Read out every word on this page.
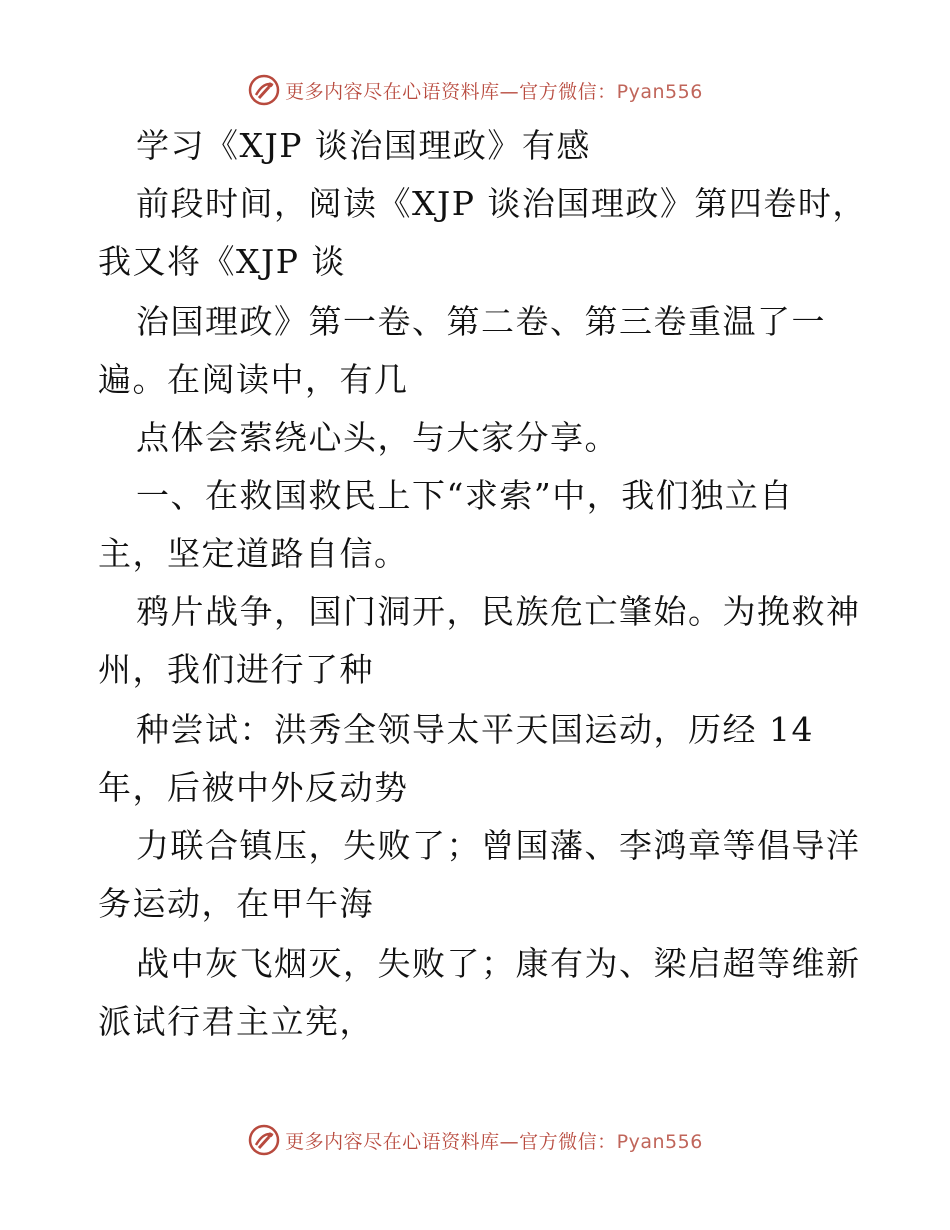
更多内容尽在心语资料库—官方微信：Pyan556
学习《XJP 谈治国理政》有感
前段时间，阅读《XJP 谈治国理政》第四卷时，
我又将《XJP 谈
治国理政》第一卷、第二卷、第三卷重温了一
遍。在阅读中，有几
点体会萦绕心头，与大家分享。
一、在救国救民上下“求索”中，我们独立自
主，坚定道路自信。
鸦片战争，国门洞开，民族危亡肇始。为挽救神
州，我们进行了种
种尝试：洪秀全领导太平天国运动，历经 14
年，后被中外反动势
力联合镇压，失败了；曾国藩、李鸿章等倡导洋
务运动，在甲午海
战中灰飞烟灭，失败了；康有为、梁启超等维新
派试行君主立宪，
更多内容尽在心语资料库—官方微信：Pyan556
